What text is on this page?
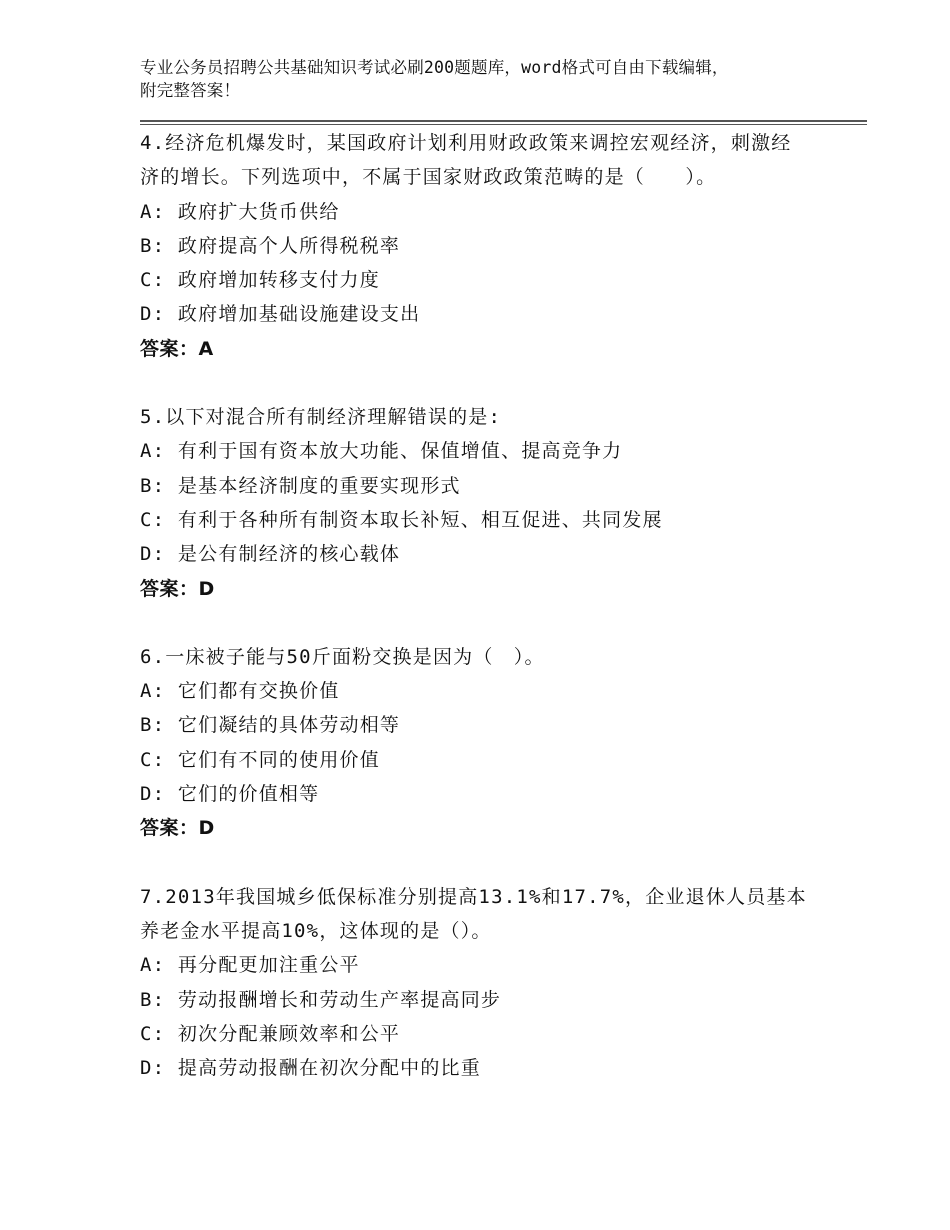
专业公务员招聘公共基础知识考试必刷200题题库，word格式可自由下载编辑，
附完整答案！
4.经济危机爆发时，某国政府计划利用财政政策来调控宏观经济，刺激经济的增长。下列选项中，不属于国家财政政策范畴的是（　　）。
A: 政府扩大货币供给
B: 政府提高个人所得税税率
C: 政府增加转移支付力度
D: 政府增加基础设施建设支出
答案：A
5.以下对混合所有制经济理解错误的是:
A: 有利于国有资本放大功能、保值增值、提高竞争力
B: 是基本经济制度的重要实现形式
C: 有利于各种所有制资本取长补短、相互促进、共同发展
D: 是公有制经济的核心载体
答案：D
6.一床被子能与50斤面粉交换是因为（　）。
A: 它们都有交换价值
B: 它们凝结的具体劳动相等
C: 它们有不同的使用价值
D: 它们的价值相等
答案：D
7.2013年我国城乡低保标准分别提高13.1%和17.7%，企业退休人员基本养老金水平提高10%，这体现的是（）。
A: 再分配更加注重公平
B: 劳动报酬增长和劳动生产率提高同步
C: 初次分配兼顾效率和公平
D: 提高劳动报酬在初次分配中的比重
